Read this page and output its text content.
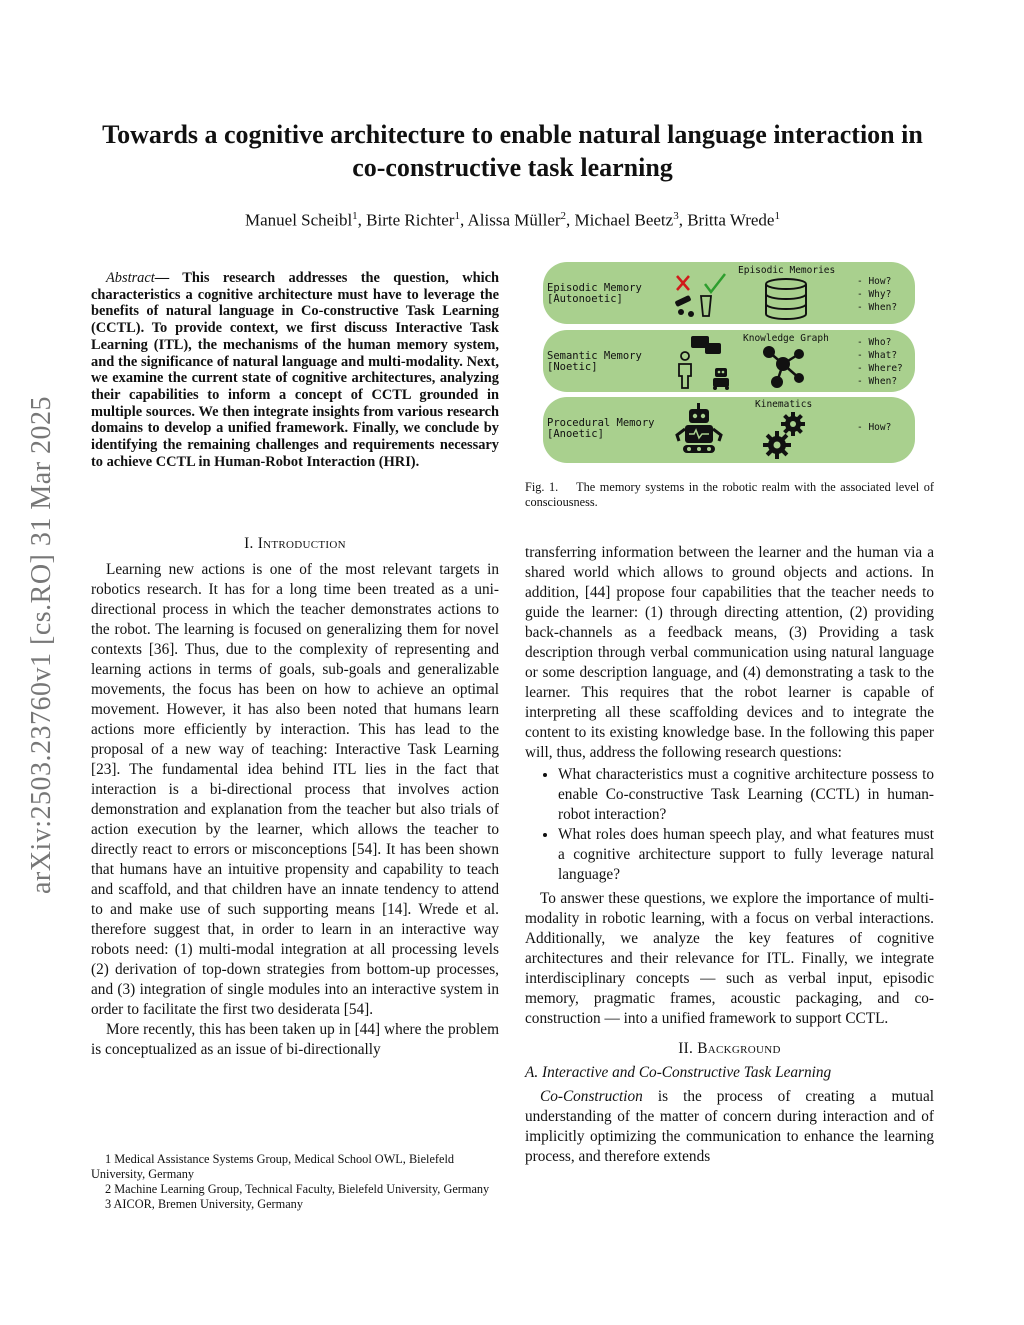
arXiv:2503.23760v1 [cs.RO] 31 Mar 2025
Towards a cognitive architecture to enable natural language interaction in co-constructive task learning
Manuel Scheibl$^1$, Birte Richter$^1$, Alissa Müller$^2$, Michael Beetz$^3$, Britta Wrede$^1$
Abstract— This research addresses the question, which characteristics a cognitive architecture must have to leverage the benefits of natural language in Co-constructive Task Learning (CCTL). To provide context, we first discuss Interactive Task Learning (ITL), the mechanisms of the human memory system, and the significance of natural language and multi-modality. Next, we examine the current state of cognitive architectures, analyzing their capabilities to inform a concept of CCTL grounded in multiple sources. We then integrate insights from various research domains to develop a unified framework. Finally, we conclude by identifying the remaining challenges and requirements necessary to achieve CCTL in Human-Robot Interaction (HRI).

I. Introduction

Learning new actions is one of the most relevant targets in robotics research. It has for a long time been treated as a uni-directional process in which the teacher demonstrates actions to the robot. The learning is focused on generalizing them for novel contexts [36]. Thus, due to the complexity of representing and learning actions in terms of goals, sub-goals and generalizable movements, the focus has been on how to achieve an optimal movement. However, it has also been noted that humans learn actions more efficiently by interaction. This has lead to the proposal of a new way of teaching: Interactive Task Learning [23]. The fundamental idea behind ITL lies in the fact that interaction is a bi-directional process that involves action demonstration and explanation from the teacher but also trials of action execution by the learner, which allows the teacher to directly react to errors or misconceptions [54]. It has been shown that humans have an intuitive propensity and capability to teach and scaffold, and that children have an innate tendency to attend to and make use of such supporting means [14]. Wrede et al. therefore suggest that, in order to learn in an interactive way robots need: (1) multi-modal integration at all processing levels (2) derivation of top-down strategies from bottom-up processes, and (3) integration of single modules into an interactive system in order to facilitate the first two desiderata [54].

More recently, this has been taken up in [44] where the problem is conceptualized as an issue of bi-directionally

1 Medical Assistance Systems Group, Medical School OWL, Bielefeld University, Germany

2 Machine Learning Group, Technical Faculty, Bielefeld University, Germany

3 AICOR, Bremen University, Germany

Episodic Memory
[Autonoetic]
Episodic Memories
- How?
- Why?
- When?
Semantic Memory
[Noetic]
Knowledge Graph	- Who?
- What?
- Where?
- When?
Procedural Memory
[Anoetic]
Kinematics
- How?
Fig. 1. The memory systems in the robotic realm with the associated level of consciousness.

transferring information between the learner and the human via a shared world which allows to ground objects and actions. In addition, [44] propose four capabilities that the teacher needs to guide the learner: (1) through directing attention, (2) providing back-channels as a feedback means, (3) Providing a task description through verbal communication using natural language or some description language, and (4) demonstrating a task to the learner. This requires that the robot learner is capable of interpreting all these scaffolding devices and to integrate the content to its existing knowledge base. In the following this paper will, thus, address the following research questions:

• What characteristics must a cognitive architecture possess to enable Co-constructive Task Learning (CCTL) in human-robot interaction?
• What roles does human speech play, and what features must a cognitive architecture support to fully leverage natural language?

To answer these questions, we explore the importance of multi-modality in robotic learning, with a focus on verbal interactions. Additionally, we analyze the key features of cognitive architectures and their relevance for ITL. Finally, we integrate interdisciplinary concepts — such as verbal input, episodic memory, pragmatic frames, acoustic packaging, and co-construction — into a unified framework to support CCTL.

II. Background

A. Interactive and Co-Constructive Task Learning

Co-Construction is the process of creating a mutual understanding of the matter of concern during interaction and of implicitly optimizing the communication to enhance the learning process, and therefore extends
